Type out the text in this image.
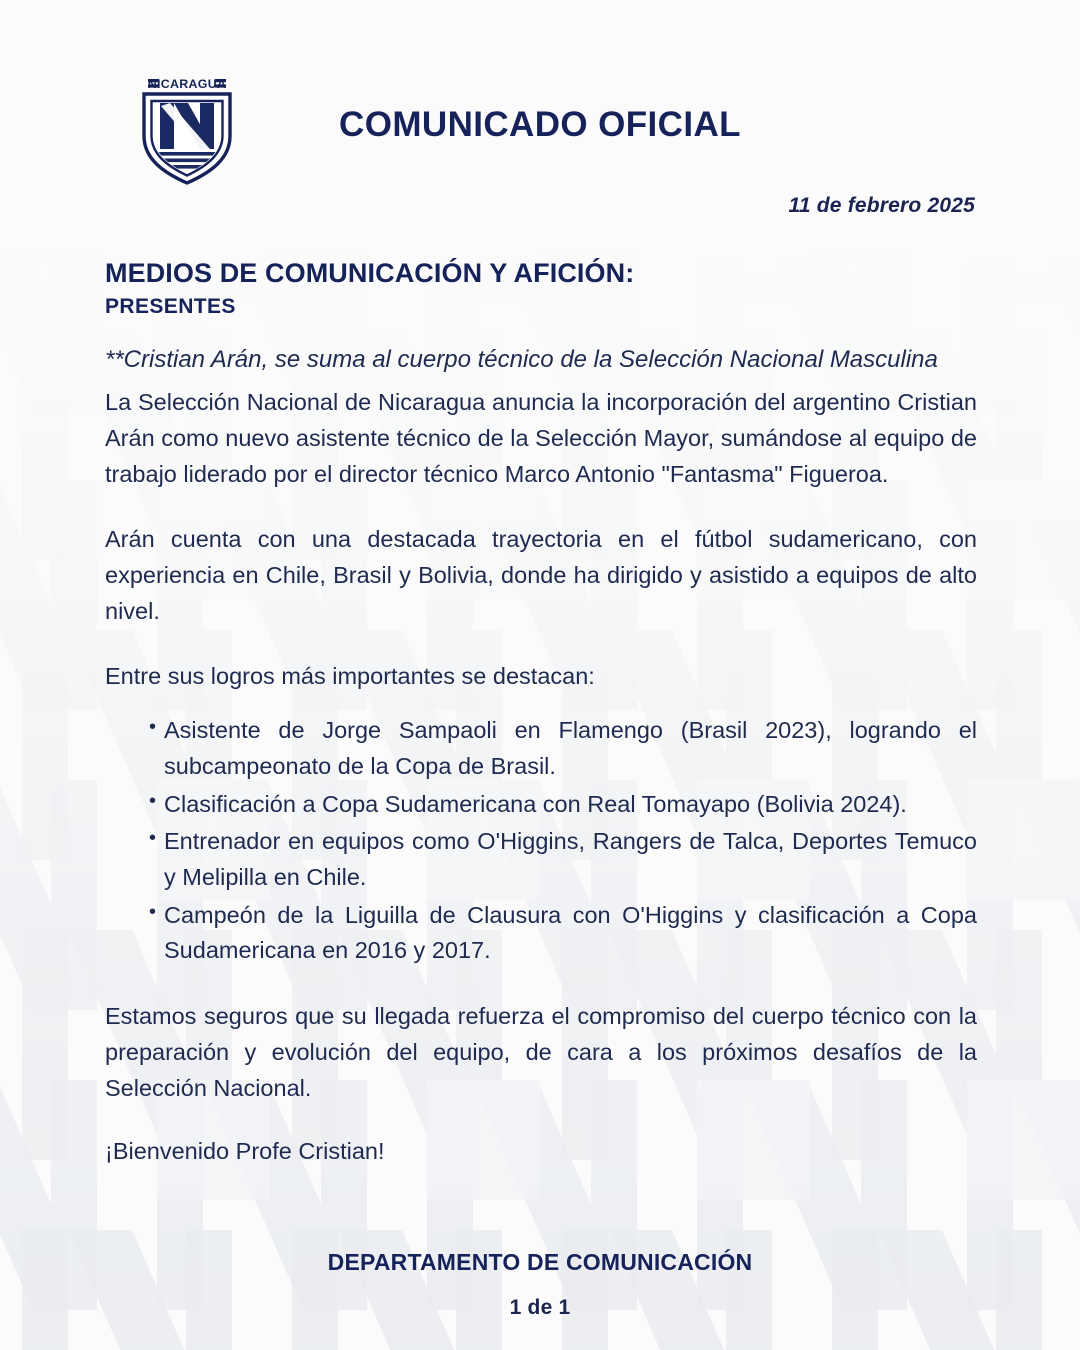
NICARAGUA
COMUNICADO OFICIAL
11 de febrero 2025
MEDIOS DE COMUNICACIÓN Y AFICIÓN:
PRESENTES
**Cristian Arán, se suma al cuerpo técnico de la Selección Nacional Masculina

La Selección Nacional de Nicaragua anuncia la incorporación del argentino Cristian Arán como nuevo asistente técnico de la Selección Mayor, sumándose al equipo de trabajo liderado por el director técnico Marco Antonio "Fantasma" Figueroa.

Arán cuenta con una destacada trayectoria en el fútbol sudamericano, con experiencia en Chile, Brasil y Bolivia, donde ha dirigido y asistido a equipos de alto nivel.

Entre sus logros más importantes se destacan:

• Asistente de Jorge Sampaoli en Flamengo (Brasil 2023), logrando el subcampeonato de la Copa de Brasil.
• Clasificación a Copa Sudamericana con Real Tomayapo (Bolivia 2024).
• Entrenador en equipos como O'Higgins, Rangers de Talca, Deportes Temuco y Melipilla en Chile.
• Campeón de la Liguilla de Clausura con O'Higgins y clasificación a Copa Sudamericana en 2016 y 2017.

Estamos seguros que su llegada refuerza el compromiso del cuerpo técnico con la preparación y evolución del equipo, de cara a los próximos desafíos de la Selección Nacional.

¡Bienvenido Profe Cristian!
DEPARTAMENTO DE COMUNICACIÓN
1 de 1
